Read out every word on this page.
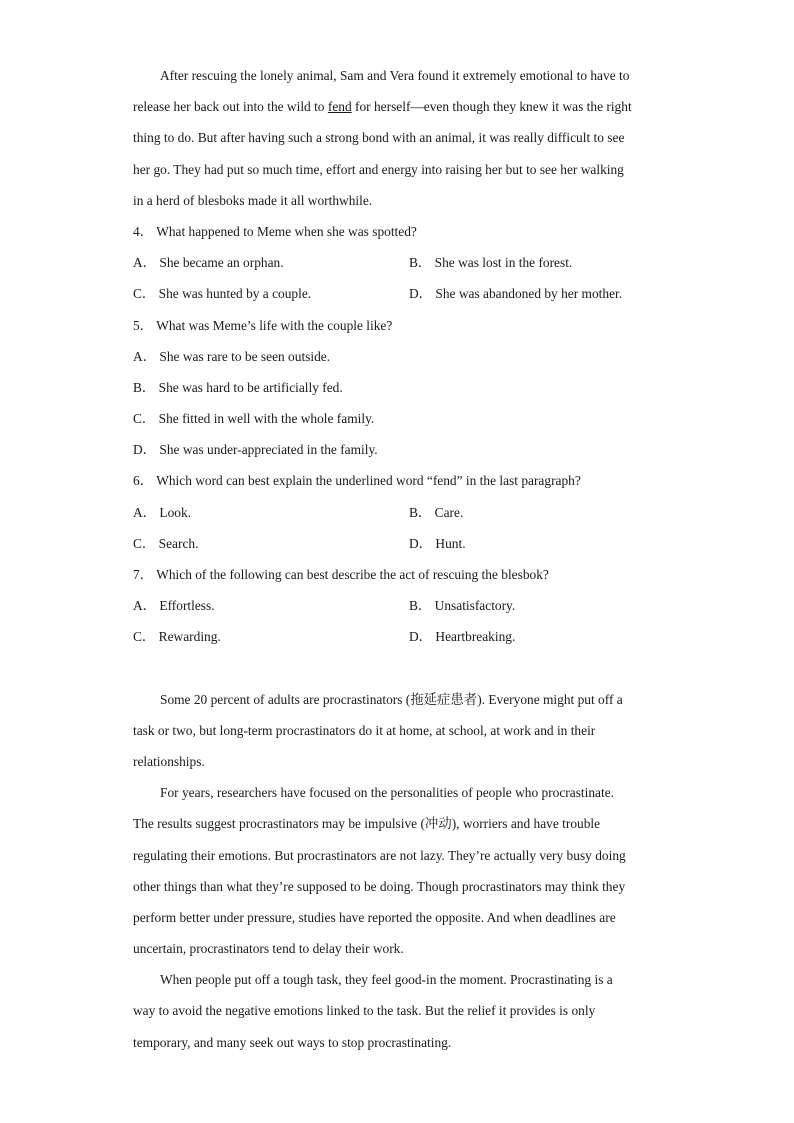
After rescuing the lonely animal, Sam and Vera found it extremely emotional to have to
release her back out into the wild to fend for herself—even though they knew it was the right
thing to do. But after having such a strong bond with an animal, it was really difficult to see
her go. They had put so much time, effort and energy into raising her but to see her walking
in a herd of blesboks made it all worthwhile.
4． What happened to Meme when she was spotted?
A． She became an orphan.	B． She was lost in the forest.
C． She was hunted by a couple.	D． She was abandoned by her mother.
5． What was Meme’s life with the couple like?
A． She was rare to be seen outside.
B． She was hard to be artificially fed.
C． She fitted in well with the whole family.
D． She was under-appreciated in the family.
6． Which word can best explain the underlined word “fend” in the last paragraph?
A． Look.	B． Care.
C． Search.	D． Hunt.
7． Which of the following can best describe the act of rescuing the blesbok?
A． Effortless.	B． Unsatisfactory.
C． Rewarding.	D． Heartbreaking.
Some 20 percent of adults are procrastinators (拖延症患者). Everyone might put off a
task or two, but long-term procrastinators do it at home, at school, at work and in their
relationships.
For years, researchers have focused on the personalities of people who procrastinate.
The results suggest procrastinators may be impulsive (冲动), worriers and have trouble
regulating their emotions. But procrastinators are not lazy. They’re actually very busy doing
other things than what they’re supposed to be doing. Though procrastinators may think they
perform better under pressure, studies have reported the opposite. And when deadlines are
uncertain, procrastinators tend to delay their work.
When people put off a tough task, they feel good-in the moment. Procrastinating is a
way to avoid the negative emotions linked to the task. But the relief it provides is only
temporary, and many seek out ways to stop procrastinating.
